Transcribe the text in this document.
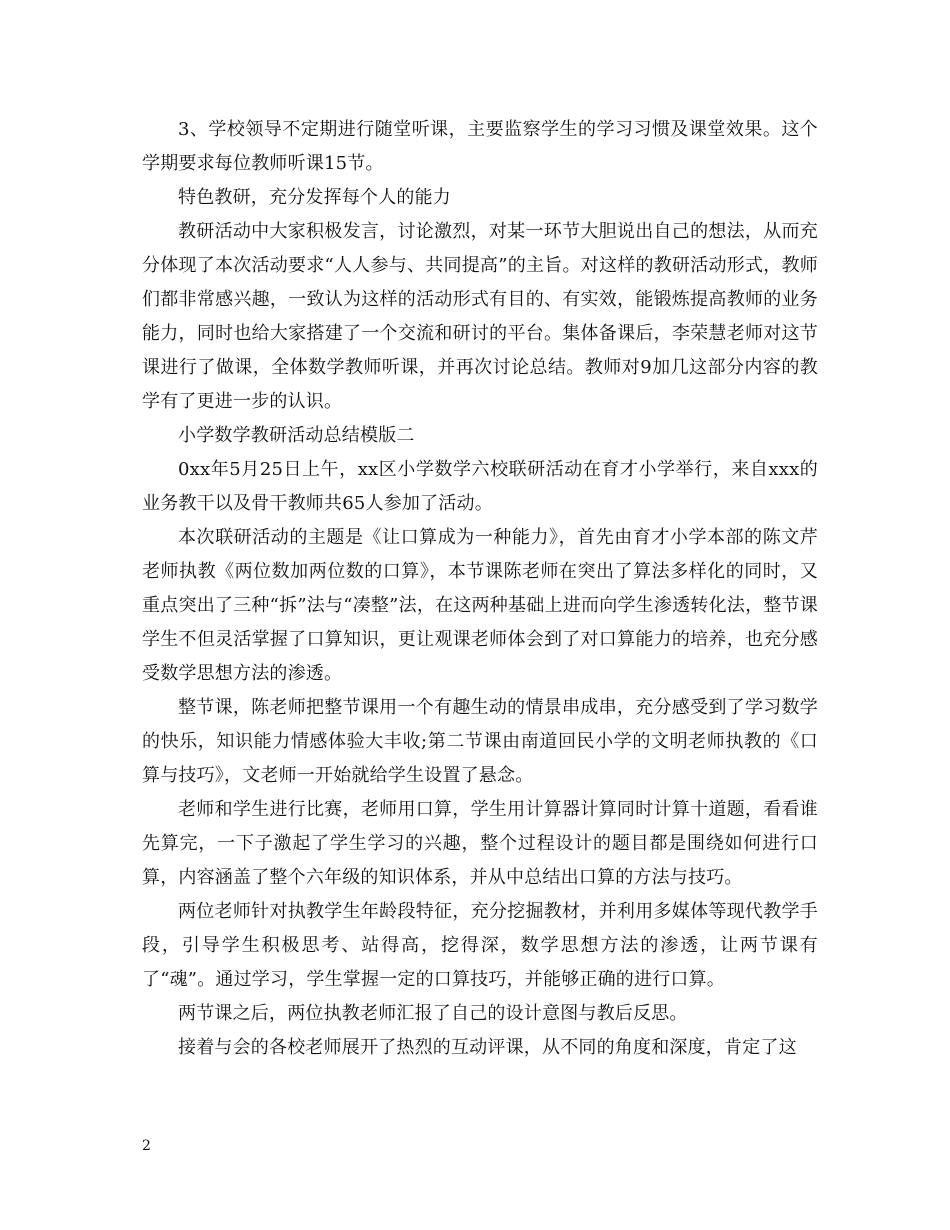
3、学校领导不定期进行随堂听课，主要监察学生的学习习惯及课堂效果。这个学期要求每位教师听课15节。

特色教研，充分发挥每个人的能力

教研活动中大家积极发言，讨论激烈，对某一环节大胆说出自己的想法，从而充分体现了本次活动要求“人人参与、共同提高”的主旨。对这样的教研活动形式，教师们都非常感兴趣，一致认为这样的活动形式有目的、有实效，能锻炼提高教师的业务能力，同时也给大家搭建了一个交流和研讨的平台。集体备课后，李荣慧老师对这节课进行了做课，全体数学教师听课，并再次讨论总结。教师对9加几这部分内容的教学有了更进一步的认识。

小学数学教研活动总结模版二

0xx年5月25日上午，xx区小学数学六校联研活动在育才小学举行，来自xxx的业务教干以及骨干教师共65人参加了活动。

本次联研活动的主题是《让口算成为一种能力》，首先由育才小学本部的陈文芹老师执教《两位数加两位数的口算》，本节课陈老师在突出了算法多样化的同时，又重点突出了三种“拆”法与“凑整”法，在这两种基础上进而向学生渗透转化法，整节课学生不但灵活掌握了口算知识，更让观课老师体会到了对口算能力的培养，也充分感受数学思想方法的渗透。

整节课，陈老师把整节课用一个有趣生动的情景串成串，充分感受到了学习数学的快乐，知识能力情感体验大丰收;第二节课由南道回民小学的文明老师执教的《口算与技巧》，文老师一开始就给学生设置了悬念。

老师和学生进行比赛，老师用口算，学生用计算器计算同时计算十道题，看看谁先算完，一下子激起了学生学习的兴趣，整个过程设计的题目都是围绕如何进行口算，内容涵盖了整个六年级的知识体系，并从中总结出口算的方法与技巧。

两位老师针对执教学生年龄段特征，充分挖掘教材，并利用多媒体等现代教学手段，引导学生积极思考、站得高，挖得深，数学思想方法的渗透，让两节课有了“魂”。通过学习，学生掌握一定的口算技巧，并能够正确的进行口算。

两节课之后，两位执教老师汇报了自己的设计意图与教后反思。

接着与会的各校老师展开了热烈的互动评课，从不同的角度和深度，肯定了这

2
